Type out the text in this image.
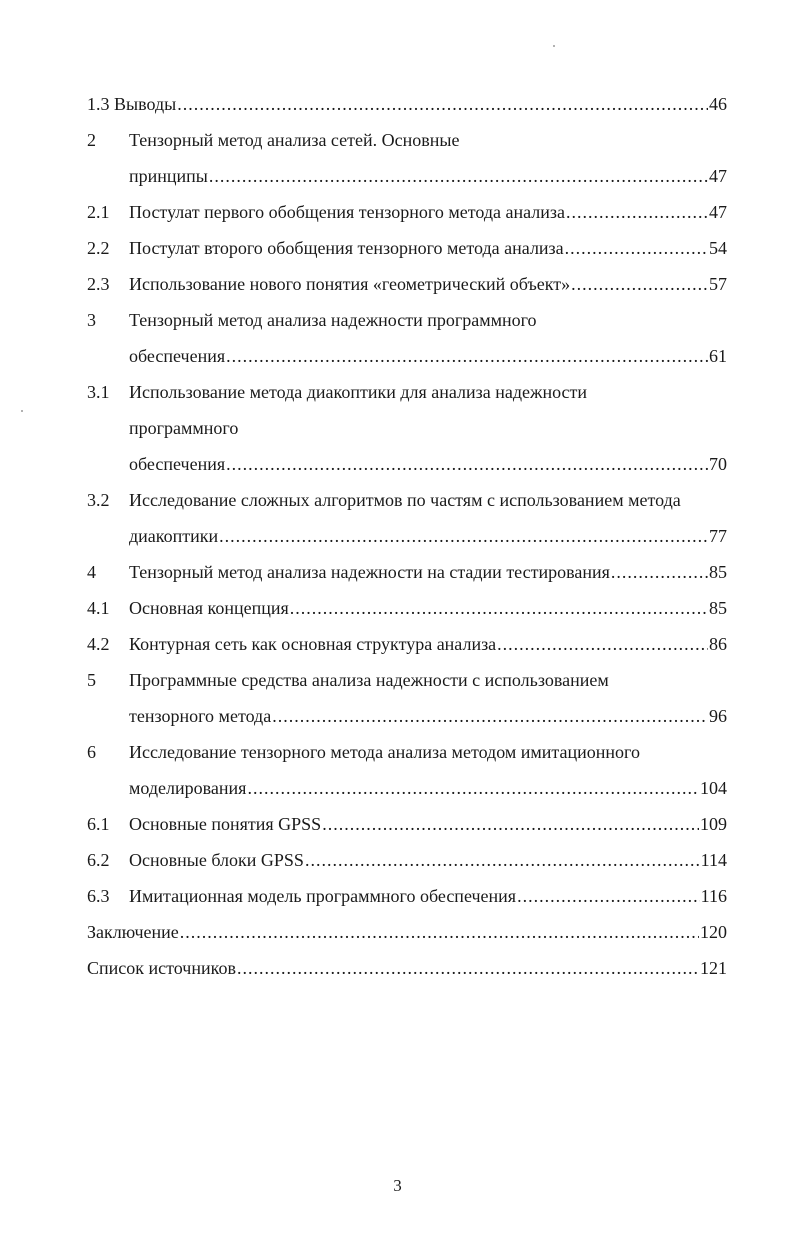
1.3 Выводы .....	46
2	Тензорный метод анализа сетей. Основные
принципы .....	47
2.1	Постулат первого обобщения тензорного метода анализа .....	47
2.2	Постулат второго обобщения тензорного метода анализа .....	54
2.3	Использование нового понятия «геометрический объект» .....	57
3	Тензорный метод анализа надежности программного
обеспечения .....	61
3.1	Использование метода диакоптики для анализа надежности
программного
обеспечения .....	70
3.2	Исследование сложных алгоритмов по частям с использованием метода
диакоптики .....	77
4	Тензорный метод анализа надежности на стадии тестирования .....	85
4.1	Основная концепция .....	85
4.2	Контурная сеть как основная структура анализа .....	86
5	Программные средства анализа надежности с использованием
тензорного метода .....	96
6	Исследование тензорного метода анализа методом имитационного
моделирования .....	104
6.1	Основные понятия GPSS .....	109
6.2	Основные блоки GPSS .....	114
6.3	Имитационная модель программного обеспечения .....	116
Заключение .....	120
Список источников .....	121
3
